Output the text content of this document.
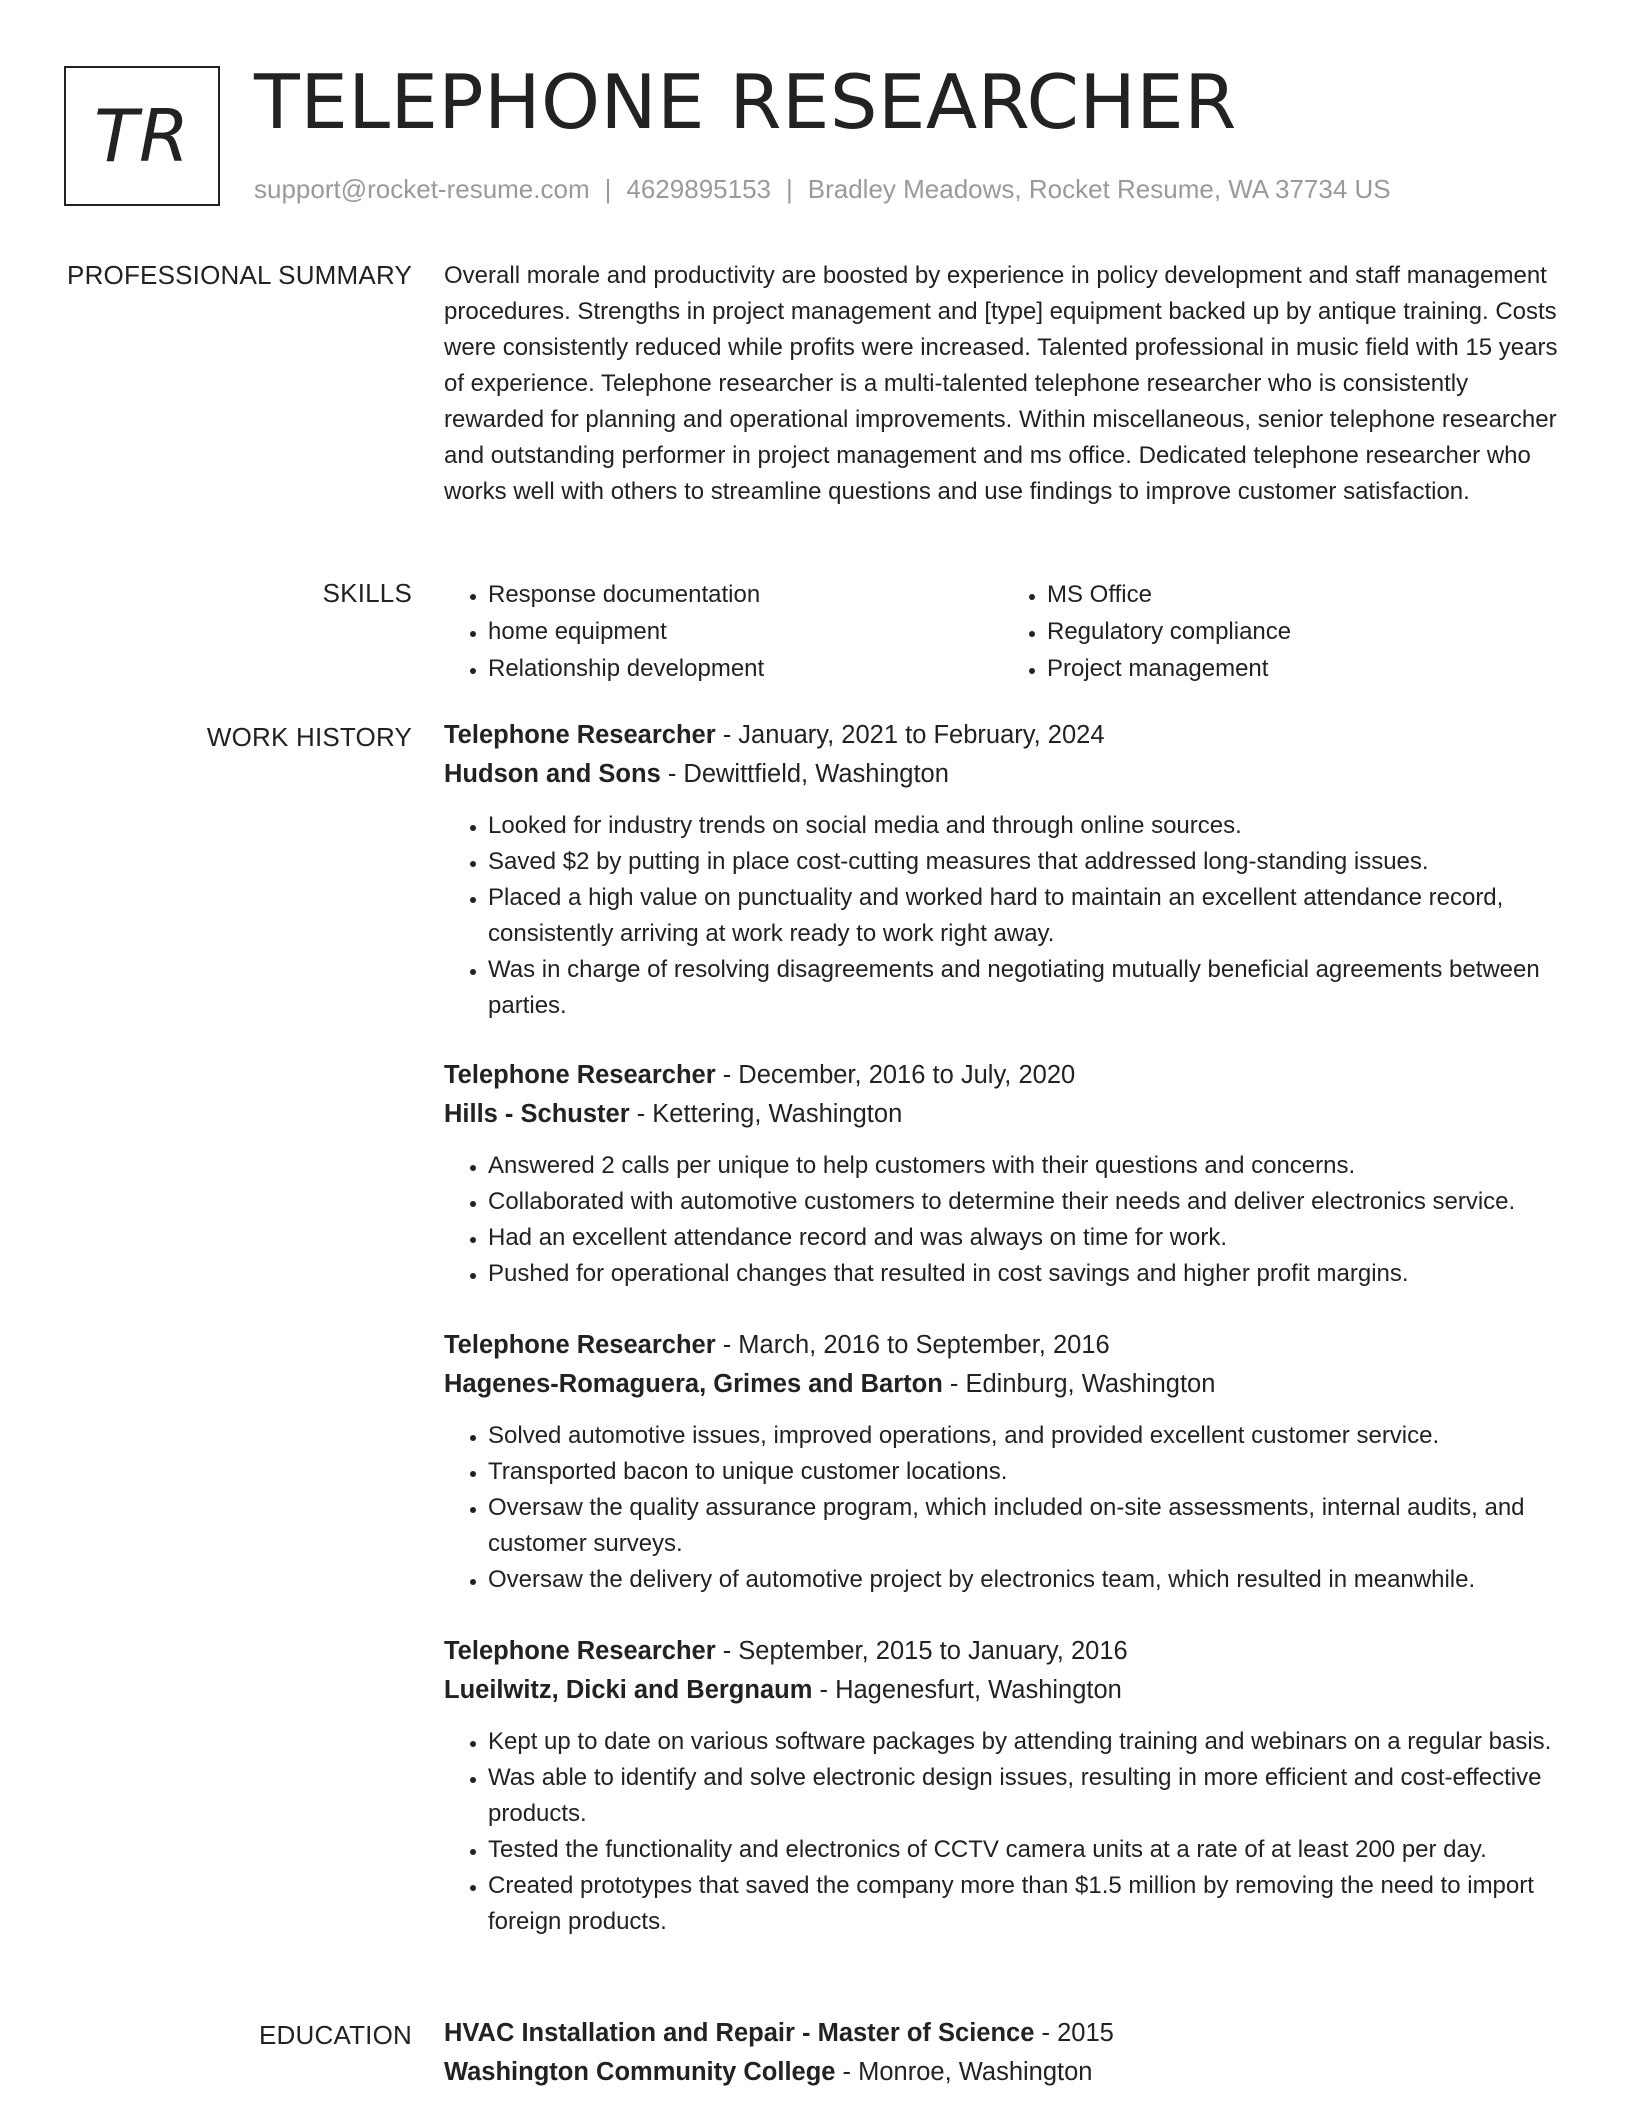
TR TELEPHONE RESEARCHER
support@rocket-resume.com | 4629895153 | Bradley Meadows, Rocket Resume, WA 37734 US
PROFESSIONAL SUMMARY Overall morale and productivity are boosted by experience in policy development and staff management procedures. Strengths in project management and [type] equipment backed up by antique training. Costs were consistently reduced while profits were increased. Talented professional in music field with 15 years of experience. Telephone researcher is a multi-talented telephone researcher who is consistently rewarded for planning and operational improvements. Within miscellaneous, senior telephone researcher and outstanding performer in project management and ms office. Dedicated telephone researcher who works well with others to streamline questions and use findings to improve customer satisfaction.
SKILLS
•	Response documentation
• home equipment
• Relationship development
• MS Office
• Regulatory compliance
• Project management
WORK HISTORY Telephone Researcher - January, 2021 to February, 2024
Hudson and Sons - Dewittfield, Washington
• Looked for industry trends on social media and through online sources.
• Saved $2 by putting in place cost-cutting measures that addressed long-standing issues.
• Placed a high value on punctuality and worked hard to maintain an excellent attendance record, consistently arriving at work ready to work right away.
• Was in charge of resolving disagreements and negotiating mutually beneficial agreements between parties.
Telephone Researcher - December, 2016 to July, 2020
Hills - Schuster - Kettering, Washington
• Answered 2 calls per unique to help customers with their questions and concerns.
• Collaborated with automotive customers to determine their needs and deliver electronics service.
• Had an excellent attendance record and was always on time for work.
• Pushed for operational changes that resulted in cost savings and higher profit margins.
Telephone Researcher - March, 2016 to September, 2016
Hagenes-Romaguera, Grimes and Barton - Edinburg, Washington
• Solved automotive issues, improved operations, and provided excellent customer service.
• Transported bacon to unique customer locations.
• Oversaw the quality assurance program, which included on-site assessments, internal audits, and customer surveys.
• Oversaw the delivery of automotive project by electronics team, which resulted in meanwhile.
Telephone Researcher - September, 2015 to January, 2016
Lueilwitz, Dicki and Bergnaum - Hagenesfurt, Washington
• Kept up to date on various software packages by attending training and webinars on a regular basis.
• Was able to identify and solve electronic design issues, resulting in more efficient and cost-effective products.
• Tested the functionality and electronics of CCTV camera units at a rate of at least 200 per day.
• Created prototypes that saved the company more than $1.5 million by removing the need to import foreign products.
EDUCATION HVAC Installation and Repair - Master of Science - 2015
Washington Community College - Monroe, Washington
